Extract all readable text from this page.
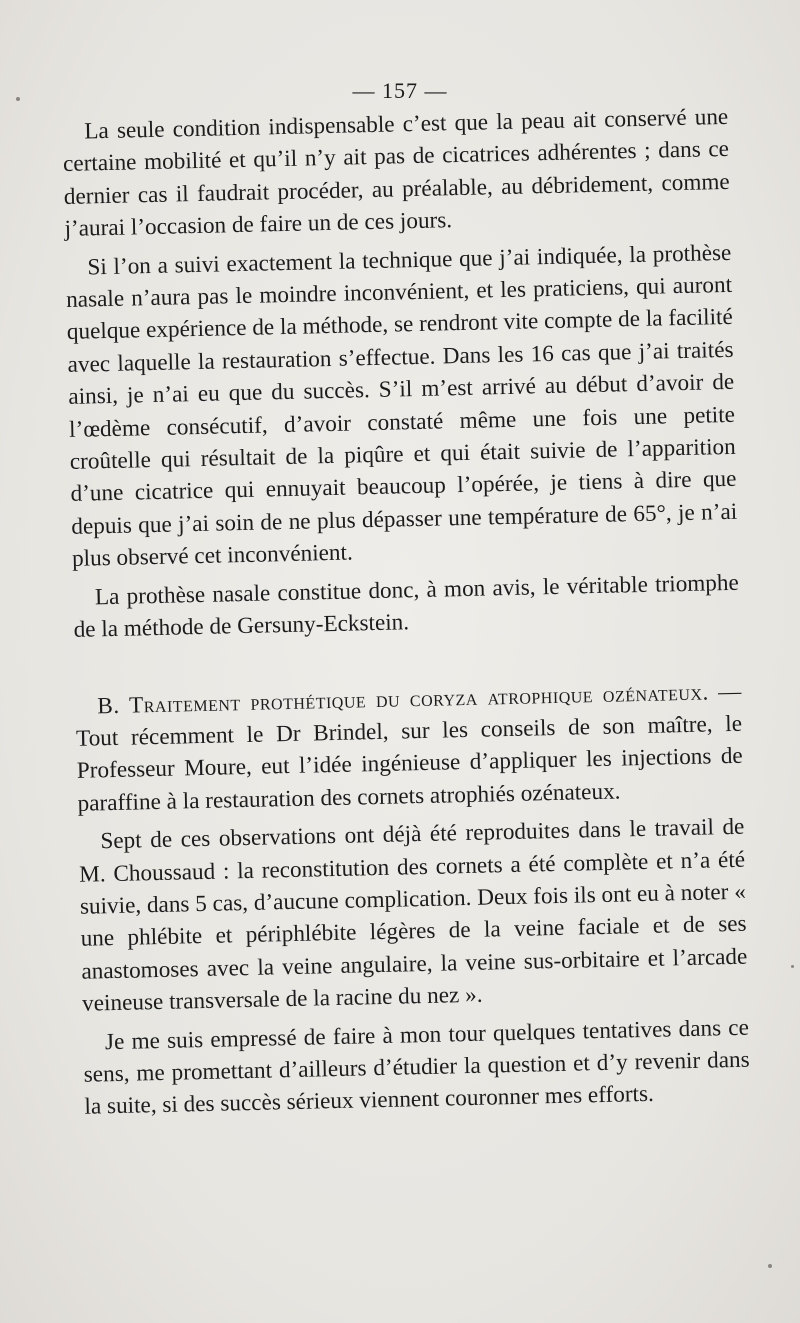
— 157 —

La seule condition indispensable c’est que la peau ait conservé une certaine mobilité et qu’il n’y ait pas de cicatrices adhérentes ; dans ce dernier cas il faudrait procéder, au préalable, au débridement, comme j’aurai l’occasion de faire un de ces jours.

Si l’on a suivi exactement la technique que j’ai indiquée, la prothèse nasale n’aura pas le moindre inconvénient, et les praticiens, qui auront quelque expérience de la méthode, se rendront vite compte de la facilité avec laquelle la restauration s’effectue. Dans les 16 cas que j’ai traités ainsi, je n’ai eu que du succès. S’il m’est arrivé au début d’avoir de l’œdème consécutif, d’avoir constaté même une fois une petite croûtelle qui résultait de la piqûre et qui était suivie de l’apparition d’une cicatrice qui ennuyait beaucoup l’opérée, je tiens à dire que depuis que j’ai soin de ne plus dépasser une température de 65°, je n’ai plus observé cet inconvénient.

La prothèse nasale constitue donc, à mon avis, le véritable triomphe de la méthode de Gersuny-Eckstein.

B. Traitement prothétique du coryza atrophique ozénateux. — Tout récemment le Dr Brindel, sur les conseils de son maître, le Professeur Moure, eut l’idée ingénieuse d’appliquer les injections de paraffine à la restauration des cornets atrophiés ozénateux.

Sept de ces observations ont déjà été reproduites dans le travail de M. Choussaud : la reconstitution des cornets a été complète et n’a été suivie, dans 5 cas, d’aucune complication. Deux fois ils ont eu à noter « une phlébite et périphlébite légères de la veine faciale et de ses anastomoses avec la veine angulaire, la veine sus-orbitaire et l’arcade veineuse transversale de la racine du nez ».

Je me suis empressé de faire à mon tour quelques tentatives dans ce sens, me promettant d’ailleurs d’étudier la question et d’y revenir dans la suite, si des succès sérieux viennent couronner mes efforts.
